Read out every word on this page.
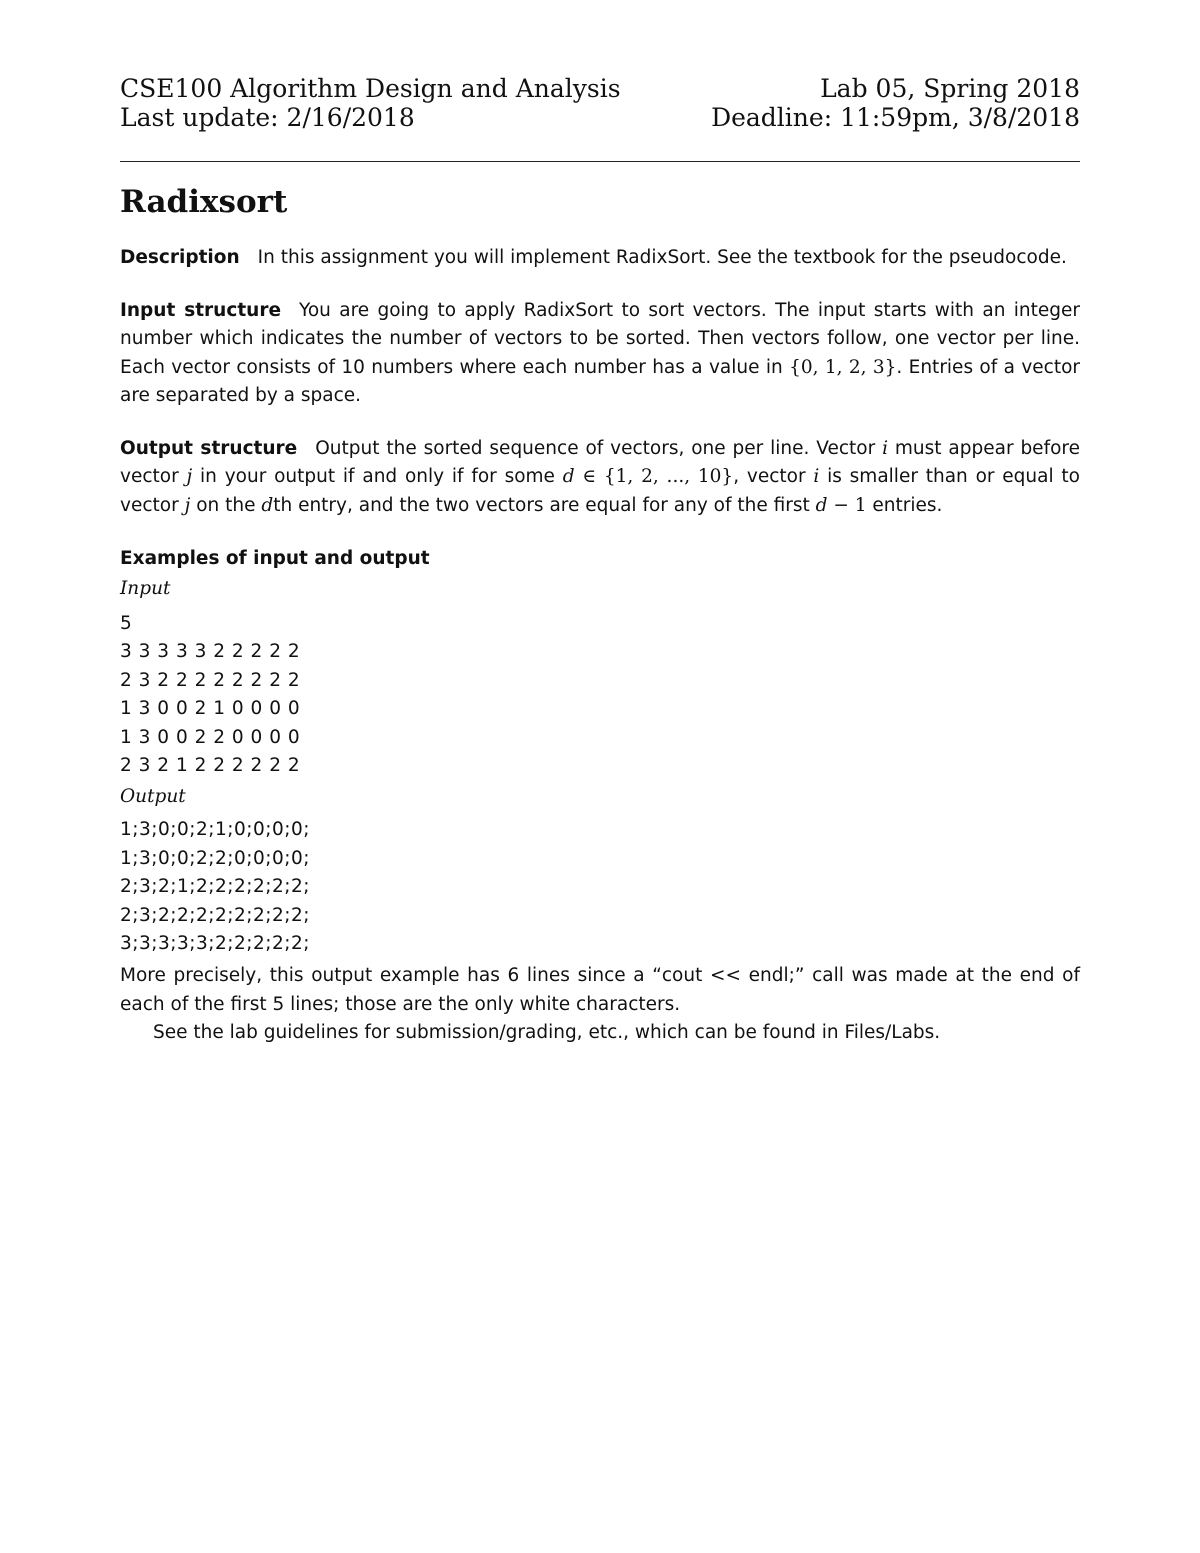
CSE100 Algorithm Design and Analysis	Lab 05, Spring 2018
Last update: 2/16/2018	Deadline: 11:59pm, 3/8/2018
Radixsort

Description In this assignment you will implement RadixSort. See the textbook for the pseudocode.

Input structure You are going to apply RadixSort to sort vectors. The input starts with an integer number which indicates the number of vectors to be sorted. Then vectors follow, one vector per line. Each vector consists of 10 numbers where each number has a value in {0, 1, 2, 3}. Entries of a vector are separated by a space.

Output structure Output the sorted sequence of vectors, one per line. Vector i must appear before vector j in your output if and only if for some d ∈ {1, 2, ..., 10}, vector i is smaller than or equal to vector j on the dth entry, and the two vectors are equal for any of the first d − 1 entries.

Examples of input and output
Input
5
3 3 3 3 3 2 2 2 2 2
2 3 2 2 2 2 2 2 2 2
1 3 0 0 2 1 0 0 0 0
1 3 0 0 2 2 0 0 0 0
2 3 2 1 2 2 2 2 2 2
Output
1;3;0;0;2;1;0;0;0;0;
1;3;0;0;2;2;0;0;0;0;
2;3;2;1;2;2;2;2;2;2;
2;3;2;2;2;2;2;2;2;2;
3;3;3;3;3;2;2;2;2;2;

More precisely, this output example has 6 lines since a “cout << endl;” call was made at the end of each of the first 5 lines; those are the only white characters.

See the lab guidelines for submission/grading, etc., which can be found in Files/Labs.
